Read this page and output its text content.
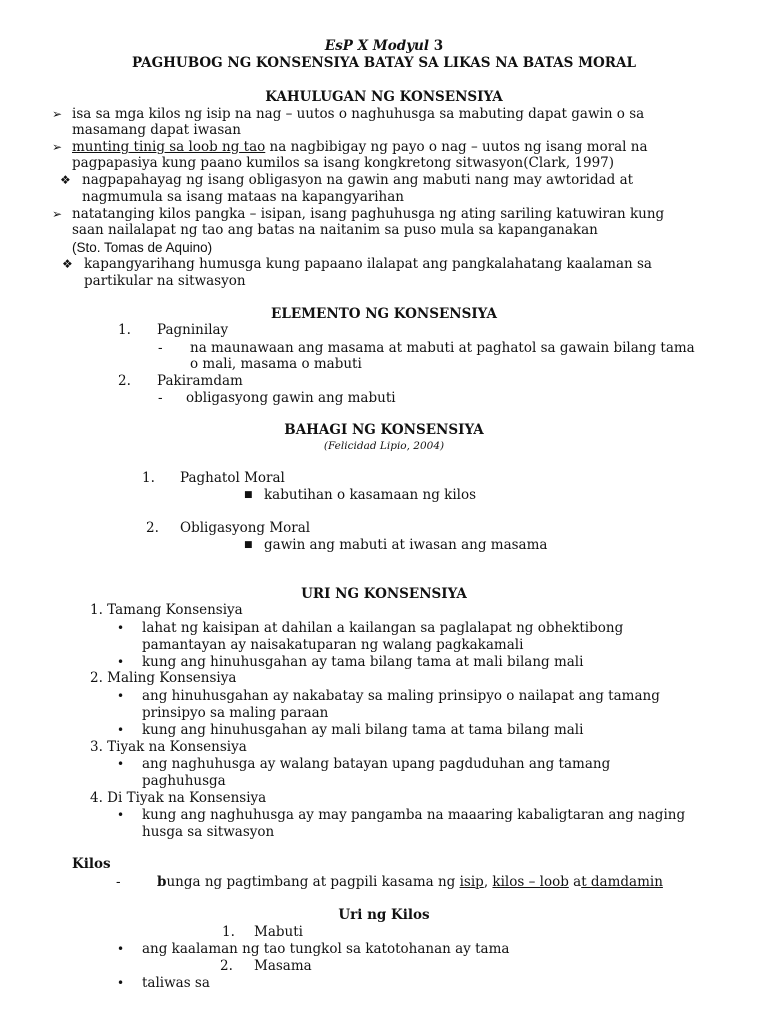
EsP X Modyul 3
PAGHUBOG NG KONSENSIYA BATAY SA LIKAS NA BATAS MORAL
KAHULUGAN NG KONSENSIYA
➢ isa sa mga kilos ng isip na nag – uutos o naghuhusga sa mabuting dapat gawin o sa
masamang dapat iwasan
➢ munting tinig sa loob ng tao na nagbibigay ng payo o nag – uutos ng isang moral na
pagpapasiya kung paano kumilos sa isang kongkretong sitwasyon(Clark, 1997)
❖ nagpapahayag ng isang obligasyon na gawin ang mabuti nang may awtoridad at
nagmumula sa isang mataas na kapangyarihan
➢ natatanging kilos pangka – isipan, isang paghuhusga ng ating sariling katuwiran kung
saan nailalapat ng tao ang batas na naitanim sa puso mula sa kapanganakan
(Sto. Tomas de Aquino)
❖ kapangyarihang humusga kung papaano ilalapat ang pangkalahatang kaalaman sa
partikular na sitwasyon
ELEMENTO NG KONSENSIYA
1. Pagninilay
- na maunawaan ang masama at mabuti at paghatol sa gawain bilang tama
o mali, masama o mabuti
2. Pakiramdam
- obligasyong gawin ang mabuti
BAHAGI NG KONSENSIYA
(Felicidad Lipio, 2004)
1. Paghatol Moral
■ kabutihan o kasamaan ng kilos
2. Obligasyong Moral
■ gawin ang mabuti at iwasan ang masama
URI NG KONSENSIYA
1. Tamang Konsensiya
• lahat ng kaisipan at dahilan a kailangan sa paglalapat ng obhektibong
pamantayan ay naisakatuparan ng walang pagkakamali
• kung ang hinuhusgahan ay tama bilang tama at mali bilang mali
2. Maling Konsensiya
• ang hinuhusgahan ay nakabatay sa maling prinsipyo o nailapat ang tamang
prinsipyo sa maling paraan
• kung ang hinuhusgahan ay mali bilang tama at tama bilang mali
3. Tiyak na Konsensiya
• ang naghuhusga ay walang batayan upang pagduduhan ang tamang
paghuhusga
4. Di Tiyak na Konsensiya
• kung ang naghuhusga ay may pangamba na maaaring kabaligtaran ang naging
husga sa sitwasyon
Kilos
-	bunga ng pagtimbang at pagpili kasama ng isip, kilos – loob at damdamin
Uri ng Kilos
1. Mabuti
• ang kaalaman ng tao tungkol sa katotohanan ay tama
2. Masama
• taliwas sa
